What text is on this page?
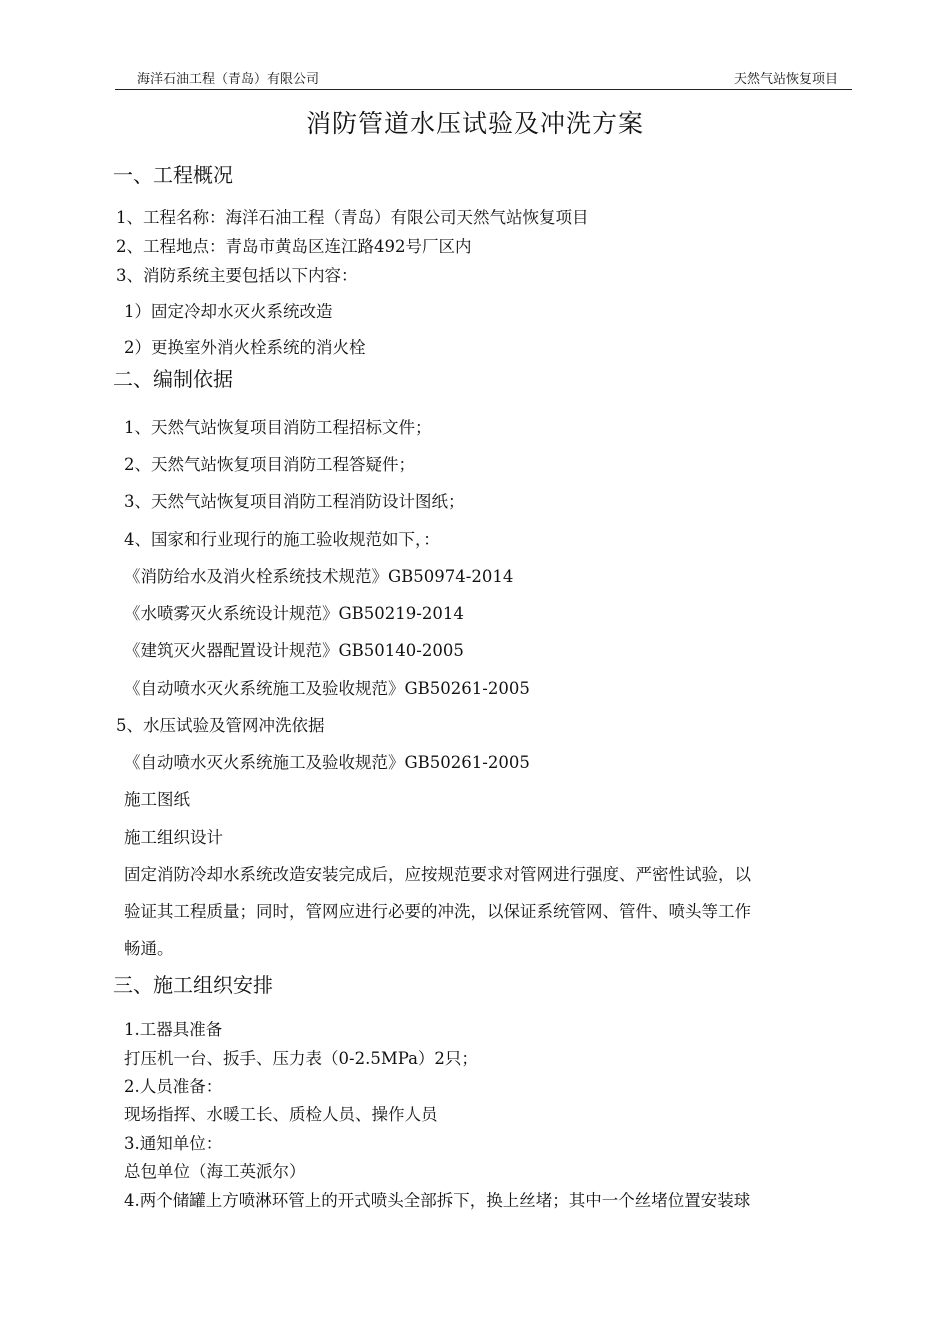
海洋石油工程（青岛）有限公司	天然气站恢复项目
消防管道水压试验及冲洗方案
一、工程概况
1、工程名称：海洋石油工程（青岛）有限公司天然气站恢复项目
2、工程地点：青岛市黄岛区连江路492号厂区内
3、消防系统主要包括以下内容：
1）固定冷却水灭火系统改造
2）更换室外消火栓系统的消火栓
二、编制依据
1、天然气站恢复项目消防工程招标文件；
2、天然气站恢复项目消防工程答疑件；
3、天然气站恢复项目消防工程消防设计图纸；
4、国家和行业现行的施工验收规范如下，：
《消防给水及消火栓系统技术规范》GB50974-2014
《水喷雾灭火系统设计规范》GB50219-2014
《建筑灭火器配置设计规范》GB50140-2005
《自动喷水灭火系统施工及验收规范》GB50261-2005
5、水压试验及管网冲洗依据
《自动喷水灭火系统施工及验收规范》GB50261-2005
施工图纸
施工组织设计
固定消防冷却水系统改造安装完成后，应按规范要求对管网进行强度、严密性试验，以
验证其工程质量；同时，管网应进行必要的冲洗，以保证系统管网、管件、喷头等工作
畅通。
三、施工组织安排
1.工器具准备
打压机一台、扳手、压力表（0-2.5MPa）2只；
2.人员准备：
现场指挥、水暖工长、质检人员、操作人员
3.通知单位：
总包单位（海工英派尔）
4.两个储罐上方喷淋环管上的开式喷头全部拆下，换上丝堵；其中一个丝堵位置安装球
